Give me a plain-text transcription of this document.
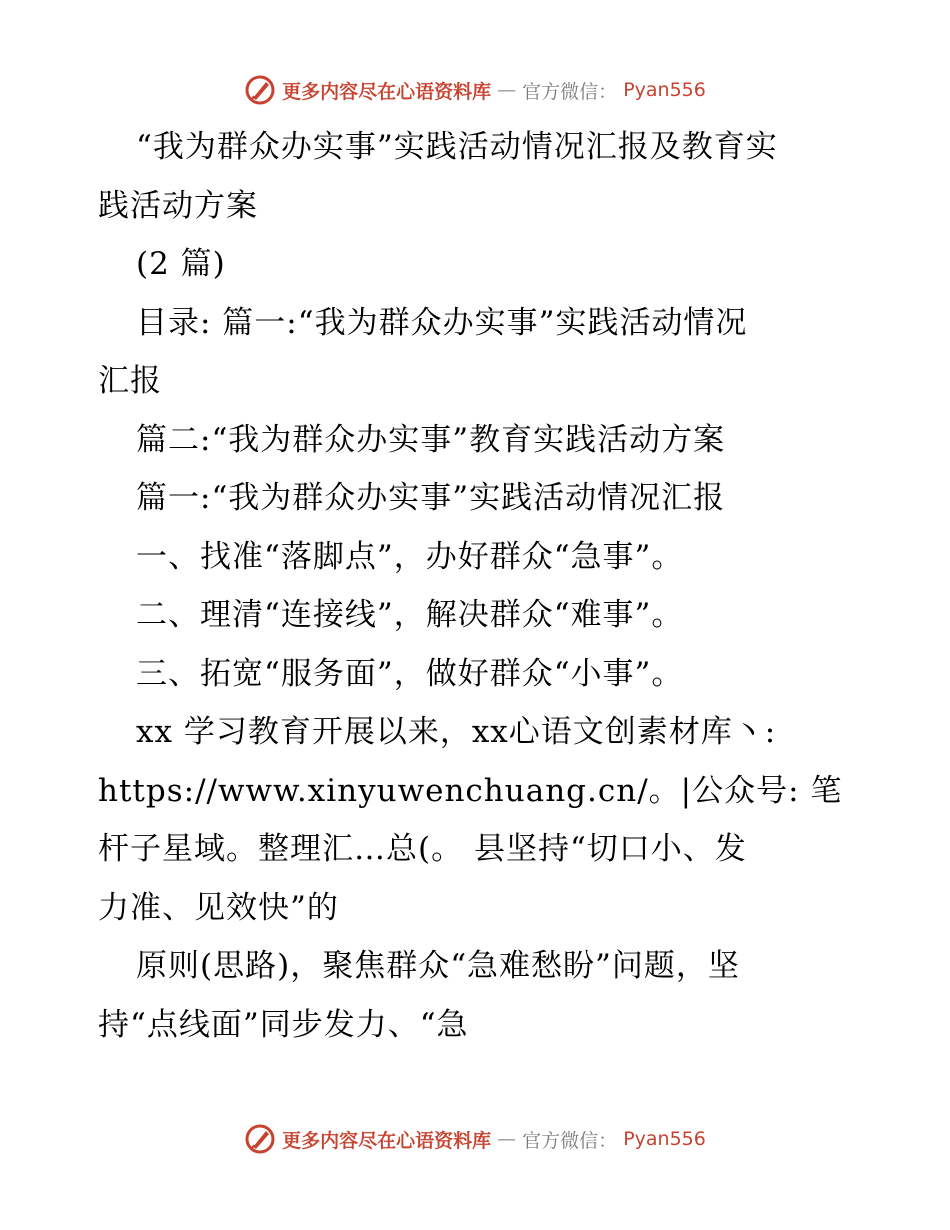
更多内容尽在心语资料库 — 官方微信： Pyan556
“我为群众办实事”实践活动情况汇报及教育实
践活动方案
(2 篇)
目录: 篇一:“我为群众办实事”实践活动情况
汇报
篇二:“我为群众办实事”教育实践活动方案
篇一:“我为群众办实事”实践活动情况汇报
一、找准“落脚点”，办好群众“急事”。
二、理清“连接线”，解决群众“难事”。
三、拓宽“服务面”，做好群众“小事”。
xx 学习教育开展以来，xx心语文创素材库丶:
https://www.xinyuwenchuang.cn/。|公众号: 笔
杆子星域。整理汇…总(。 县坚持“切口小、发
力准、见效快”的
原则(思路)，聚焦群众“急难愁盼”问题，坚
持“点线面”同步发力、“急
更多内容尽在心语资料库 — 官方微信： Pyan556
